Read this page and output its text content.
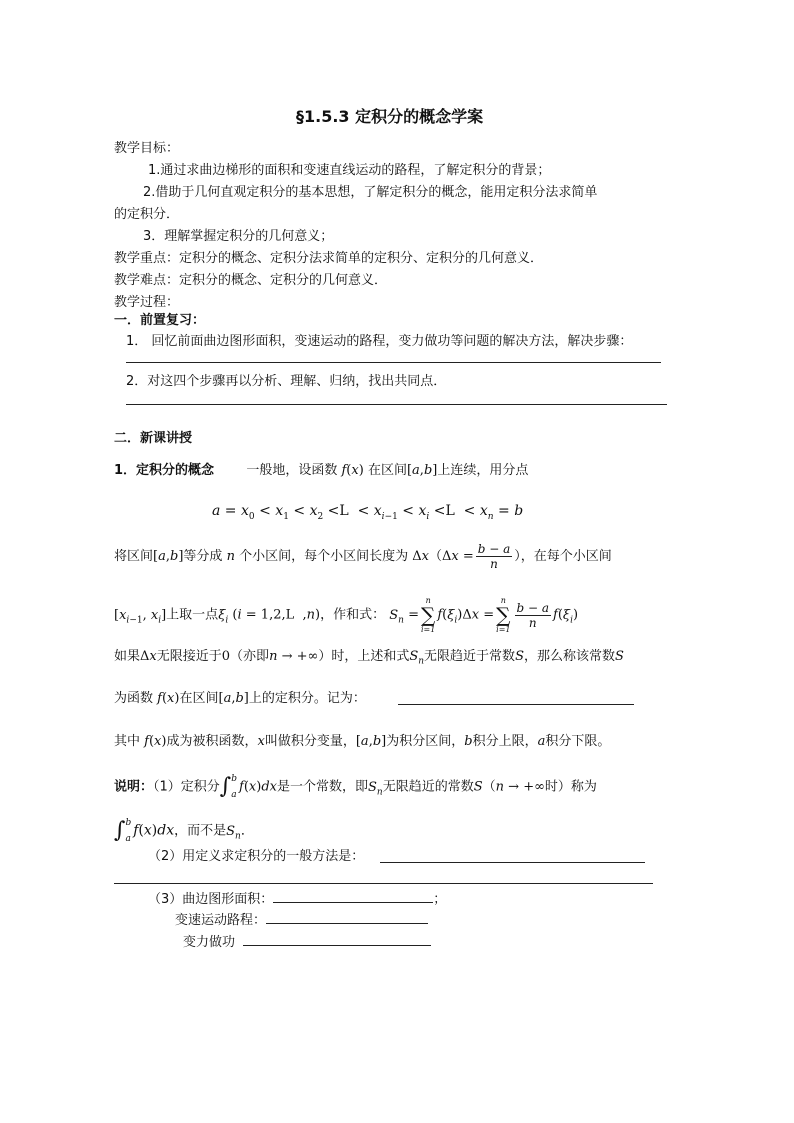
§1.5.3 定积分的概念学案
教学目标：
1.通过求曲边梯形的面积和变速直线运动的路程，了解定积分的背景；
2.借助于几何直观定积分的基本思想，了解定积分的概念，能用定积分法求简单
的定积分．
3．理解掌握定积分的几何意义；
教学重点：定积分的概念、定积分法求简单的定积分、定积分的几何意义．
教学难点：定积分的概念、定积分的几何意义．
教学过程：
一．前置复习：
1． 回忆前面曲边图形面积，变速运动的路程，变力做功等问题的解决方法，解决步骤：
2．对这四个步骤再以分析、理解、归纳，找出共同点．
二．新课讲授
1．定积分的概念 一般地，设函数 f(x) 在区间[a,b]上连续，用分点
$a = x_0 < x_1 < x_2 <L < x_{i-1} < x_i <L < x_n = b$
将区间[a,b]等分成 n 个小区间，每个小区间长度为 $\Delta x(\Delta x = \frac{b - a}{n}$ ），在每个小区间
[$x_{i-1}$, $x_i$]上取一点$\xi_i$ (i = 1,2,L  ,n)，作和式： $S_n$ =
n
∑
i=1
$f(\xi_i)\Delta x$ =
n
∑
$i=1 \frac{b - a}{n} f(\xi_i)$
如果Δx无限接近于0（亦即n → +∞）时，上述和式$S_n$无限趋近于常数S，那么称该常数S
为函数 f(x)在区间[a,b]上的定积分。记为：
其中 f(x)成为被积函数，x叫做积分变量，[a,b]为积分区间，b积分上限，a积分下限。
说明：（1）定积分 ∫ b
a
f(x)dx是一个常数，即$S_n$无限趋近的常数S（n → +∞时）称为
∫ b
a
f(x)dx，而不是$S_n$．
（2）用定义求定积分的一般方法是：
（3）曲边图形面积：	；
变速运动路程：
变力做功
